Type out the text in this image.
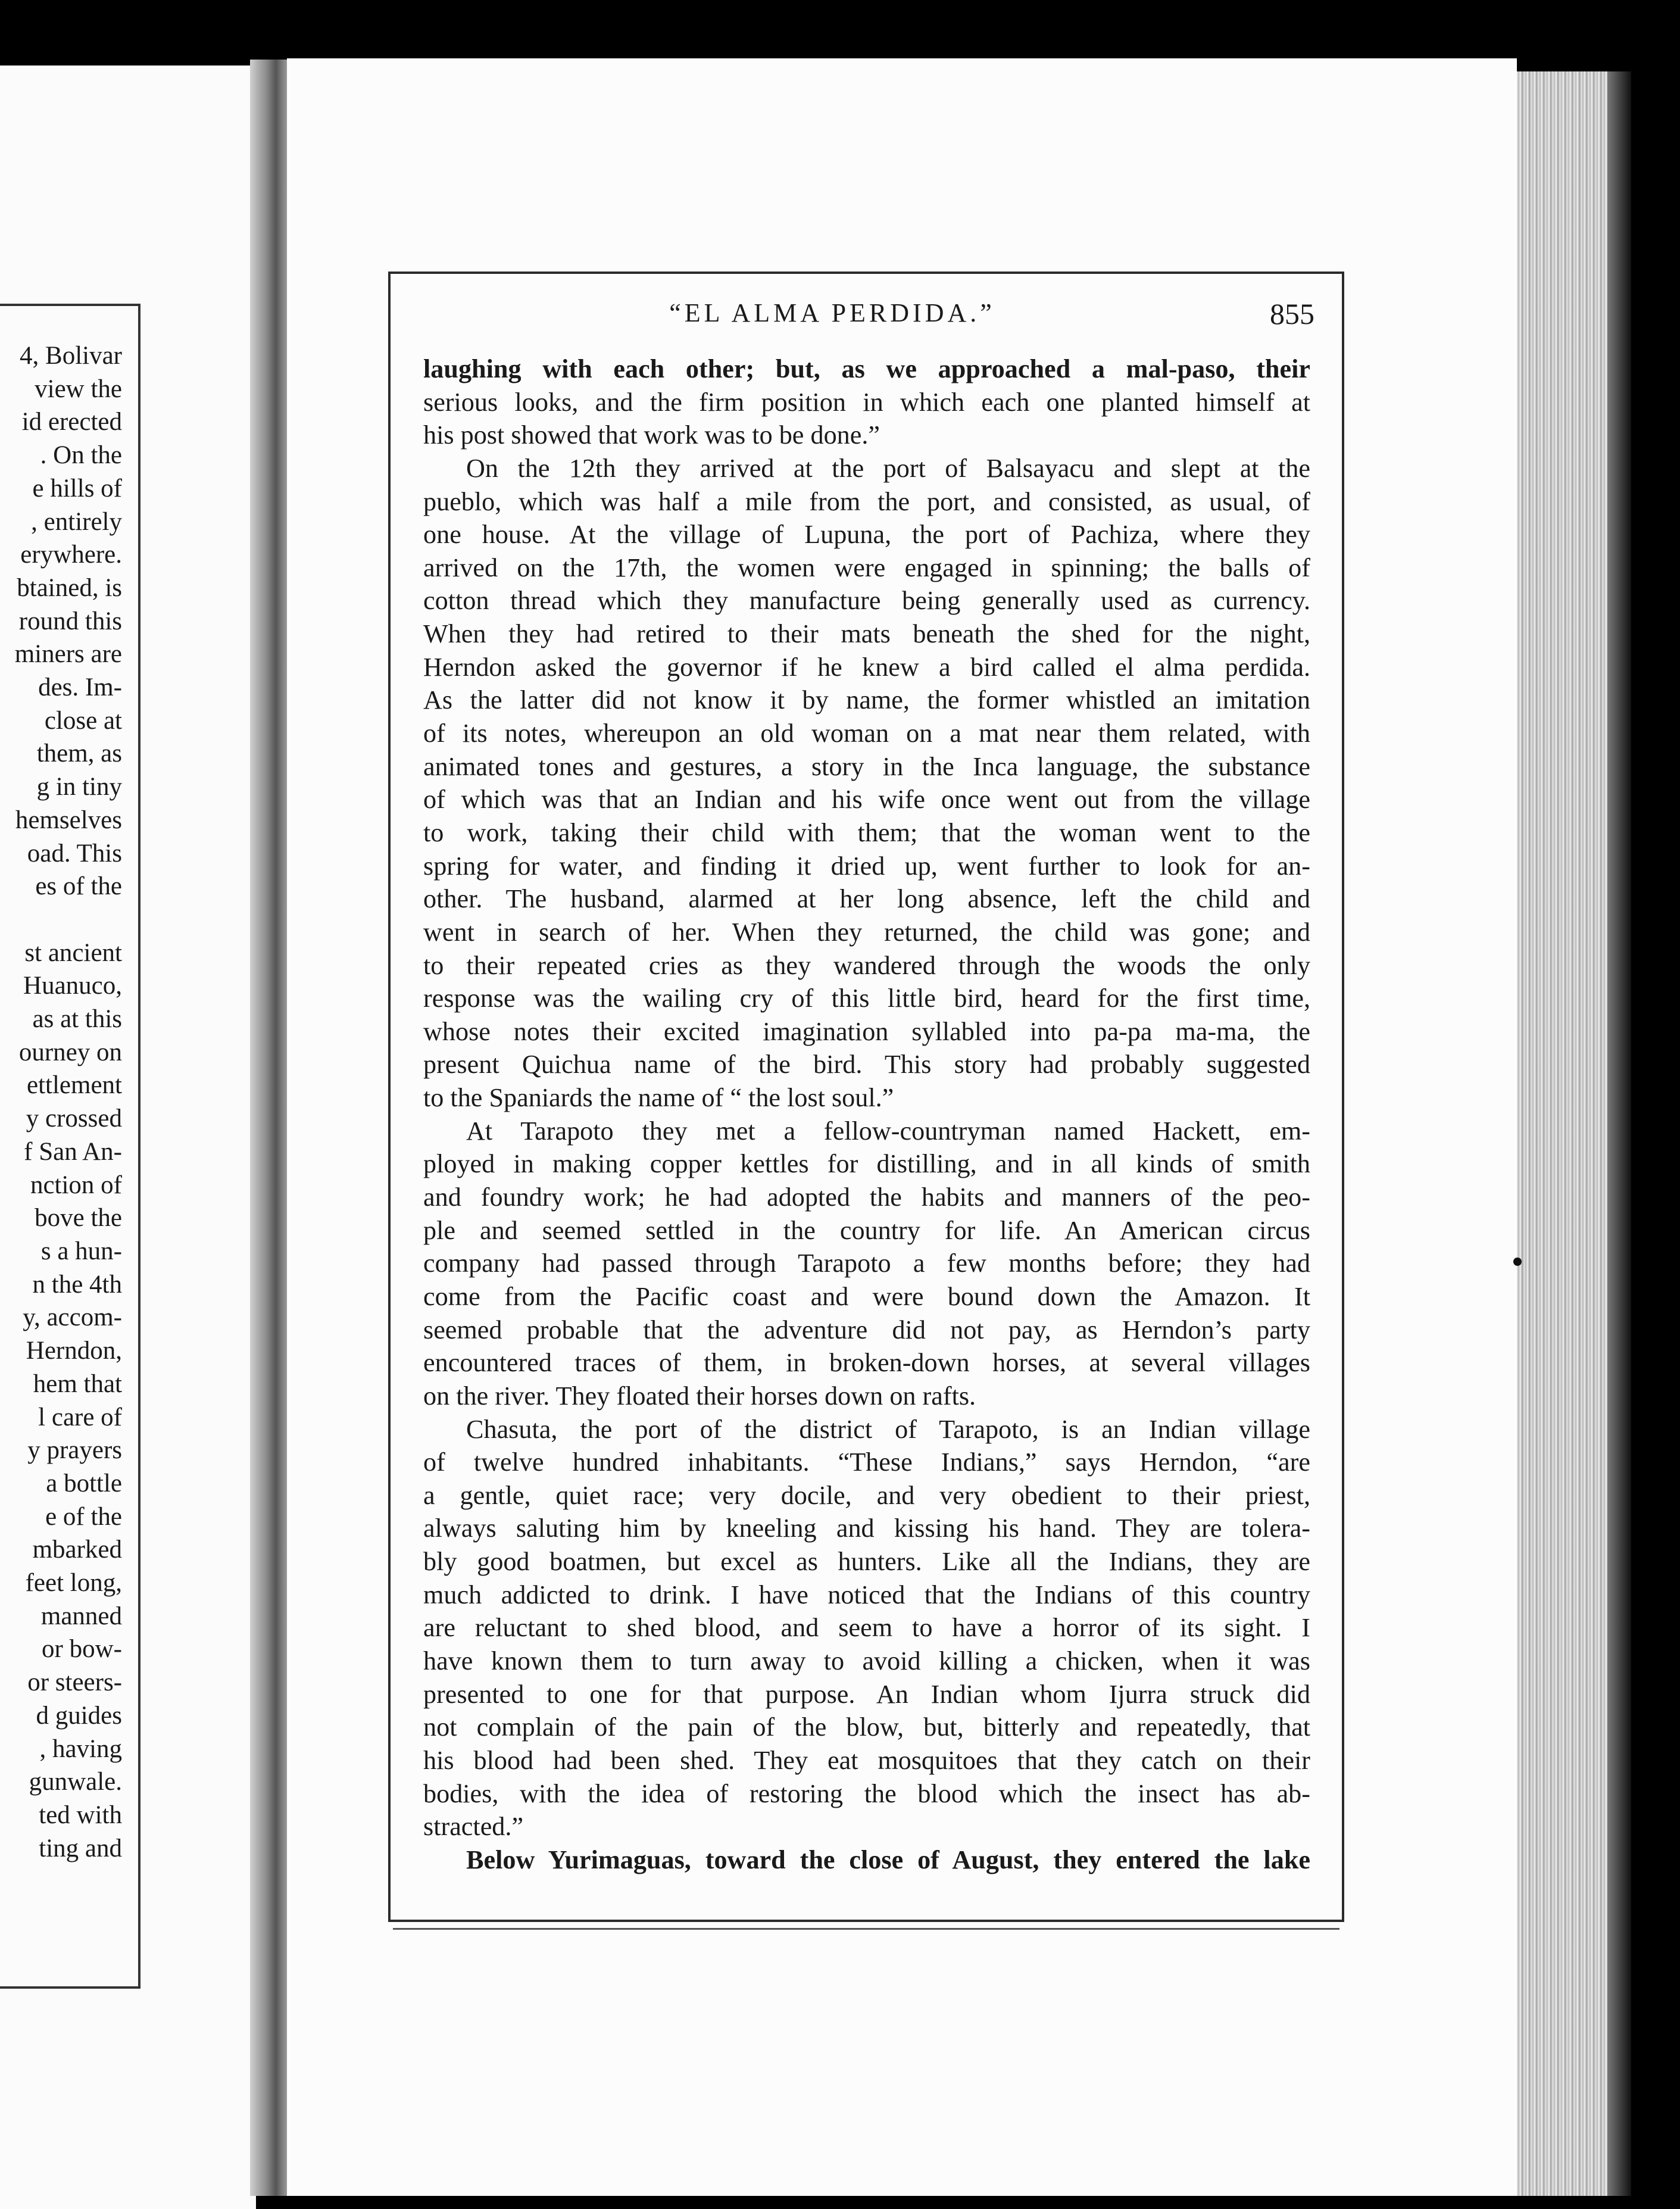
4, Bolivar
view the
id erected
. On the
e hills of
, entirely
erywhere.
btained, is
round this
miners are
des. Im-
close at
them, as
g in tiny
hemselves
oad. This
es of the

st ancient
Huanuco,
as at this
ourney on
ettlement
y crossed
f San An-
nction of
bove the
s a hun-
n the 4th
y, accom-
Herndon,
hem that
l care of
y prayers
a bottle
e of the
mbarked
feet long,
manned
or bow-
or steers-
d guides
, having
gunwale.
ted with
ting and
“EL ALMA PERDIDA.”	855
laughing with each other; but, as we approached a mal-paso, their
serious looks, and the firm position in which each one planted himself at
his post showed that work was to be done.”
On the 12th they arrived at the port of Balsayacu and slept at the
pueblo, which was half a mile from the port, and consisted, as usual, of
one house. At the village of Lupuna, the port of Pachiza, where they
arrived on the 17th, the women were engaged in spinning; the balls of
cotton thread which they manufacture being generally used as currency.
When they had retired to their mats beneath the shed for the night,
Herndon asked the governor if he knew a bird called el alma perdida.
As the latter did not know it by name, the former whistled an imitation
of its notes, whereupon an old woman on a mat near them related, with
animated tones and gestures, a story in the Inca language, the substance
of which was that an Indian and his wife once went out from the village
to work, taking their child with them; that the woman went to the
spring for water, and finding it dried up, went further to look for an-
other. The husband, alarmed at her long absence, left the child and
went in search of her. When they returned, the child was gone; and
to their repeated cries as they wandered through the woods the only
response was the wailing cry of this little bird, heard for the first time,
whose notes their excited imagination syllabled into pa-pa ma-ma, the
present Quichua name of the bird. This story had probably suggested
to the Spaniards the name of “ the lost soul.”
At Tarapoto they met a fellow-countryman named Hackett, em-
ployed in making copper kettles for distilling, and in all kinds of smith
and foundry work; he had adopted the habits and manners of the peo-
ple and seemed settled in the country for life. An American circus
company had passed through Tarapoto a few months before; they had
come from the Pacific coast and were bound down the Amazon. It
seemed probable that the adventure did not pay, as Herndon’s party
encountered traces of them, in broken-down horses, at several villages
on the river. They floated their horses down on rafts.
Chasuta, the port of the district of Tarapoto, is an Indian village
of twelve hundred inhabitants. “These Indians,” says Herndon, “are
a gentle, quiet race; very docile, and very obedient to their priest,
always saluting him by kneeling and kissing his hand. They are tolera-
bly good boatmen, but excel as hunters. Like all the Indians, they are
much addicted to drink. I have noticed that the Indians of this country
are reluctant to shed blood, and seem to have a horror of its sight. I
have known them to turn away to avoid killing a chicken, when it was
presented to one for that purpose. An Indian whom Ijurra struck did
not complain of the pain of the blow, but, bitterly and repeatedly, that
his blood had been shed. They eat mosquitoes that they catch on their
bodies, with the idea of restoring the blood which the insect has ab-
stracted.”
Below Yurimaguas, toward the close of August, they entered the lake
